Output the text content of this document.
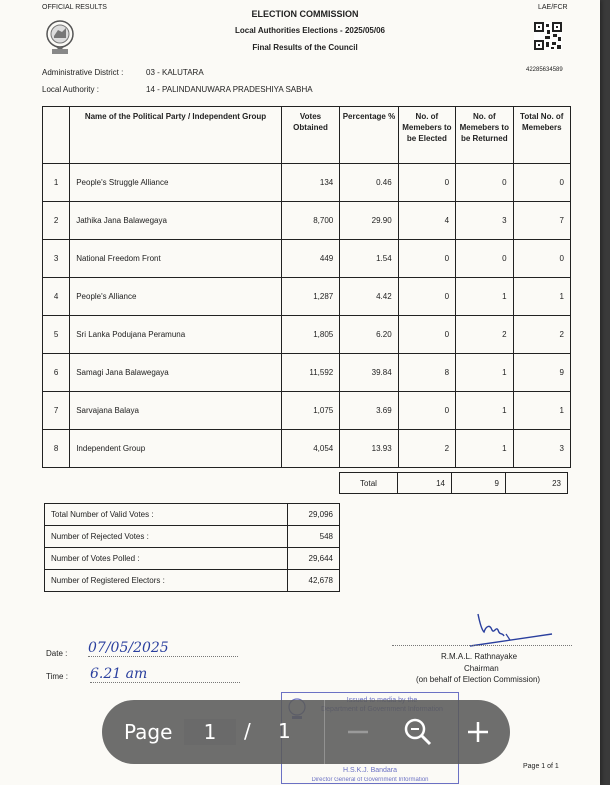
OFFICIAL RESULTS	LAE/FCR
ELECTION COMMISSION
Local Authorities Elections - 2025/05/06
Final Results of the Council
42285634589
Administrative District :	03 - KALUTARA
Local Authority :	14 - PALINDANUWARA PRADESHIYA SABHA
	Name of the Political Party / Independent Group	Votes Obtained	Percentage %	No. of Memebers to be Elected	No. of Memebers to be Returned	Total No. of Memebers
1	People's Struggle Alliance	134	0.46	0	0	0
2	Jathika Jana Balawegaya	8,700	29.90	4	3	7
3	National Freedom Front	449	1.54	0	0	0
4	People's Alliance	1,287	4.42	0	1	1
5	Sri Lanka Podujana Peramuna	1,805	6.20	0	2	2
6	Samagi Jana Balawegaya	11,592	39.84	8	1	9
7	Sarvajana Balaya	1,075	3.69	0	1	1
8	Independent Group	4,054	13.93	2	1	3
Total	14	9	23
Total Number of Valid Votes :	29,096
Number of Rejected Votes :	548
Number of Votes Polled :	29,644
Number of Registered Electors :	42,678
Date : 07/05/2025
Time : 6.21 am
R.M.A.L. Rathnayake
Chairman
(on behalf of Election Commission)
H.S.K.J. Bandara
Director General of Government Information
Page 1 of 1
Page	1	/ 1
